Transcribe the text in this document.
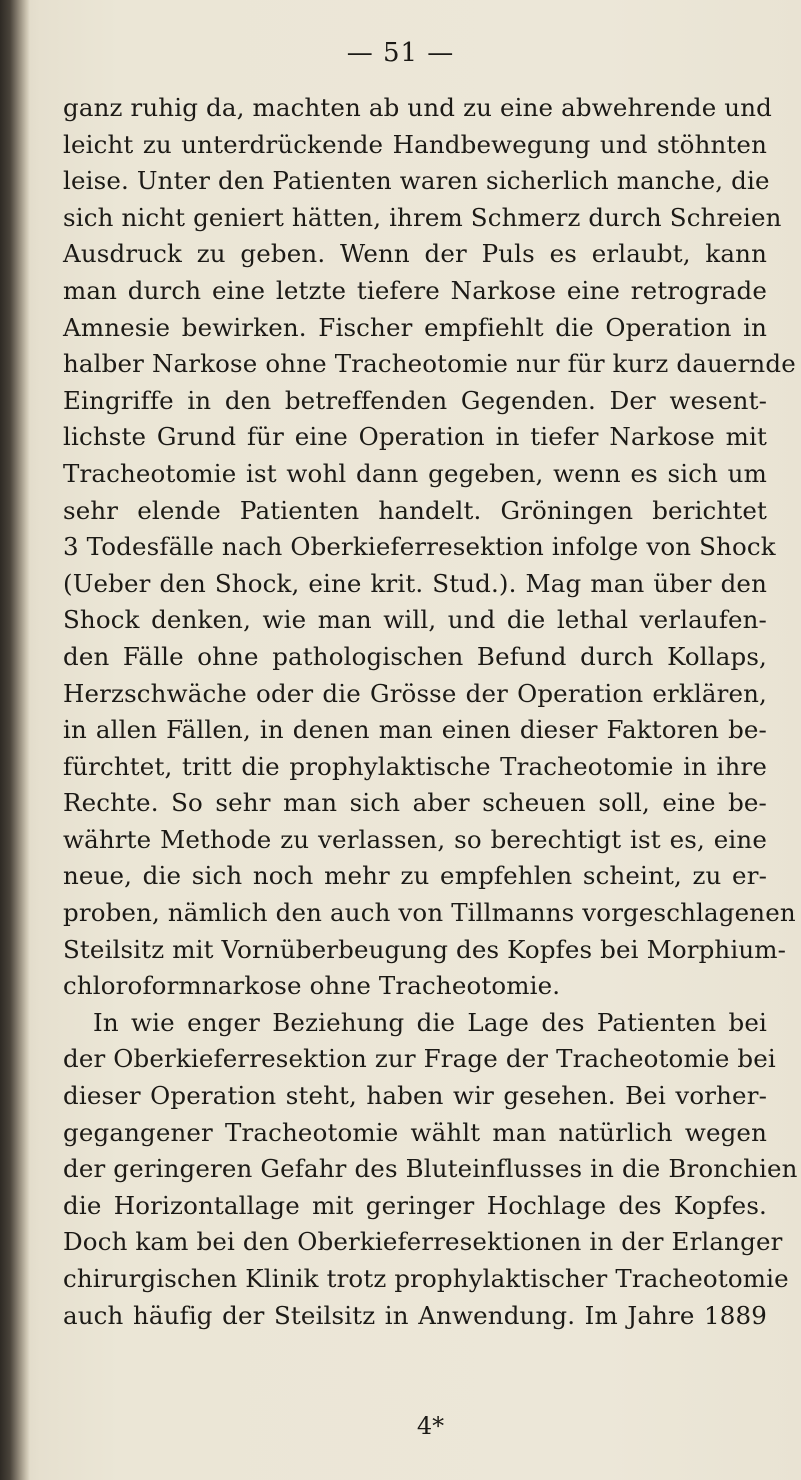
— 51 —
ganz ruhig da, machten ab und zu eine abwehrende und
leicht zu unterdrückende Handbewegung und stöhnten
leise. Unter den Patienten waren sicherlich manche, die
sich nicht geniert hätten, ihrem Schmerz durch Schreien
Ausdruck zu geben. Wenn der Puls es erlaubt, kann
man durch eine letzte tiefere Narkose eine retrograde
Amnesie bewirken. Fischer empfiehlt die Operation in
halber Narkose ohne Tracheotomie nur für kurz dauernde
Eingriffe in den betreffenden Gegenden. Der wesent-
lichste Grund für eine Operation in tiefer Narkose mit
Tracheotomie ist wohl dann gegeben, wenn es sich um
sehr elende Patienten handelt. Gröningen berichtet
3 Todesfälle nach Oberkieferresektion infolge von Shock
(Ueber den Shock, eine krit. Stud.). Mag man über den
Shock denken, wie man will, und die lethal verlaufen-
den Fälle ohne pathologischen Befund durch Kollaps,
Herzschwäche oder die Grösse der Operation erklären,
in allen Fällen, in denen man einen dieser Faktoren be-
fürchtet, tritt die prophylaktische Tracheotomie in ihre
Rechte. So sehr man sich aber scheuen soll, eine be-
währte Methode zu verlassen, so berechtigt ist es, eine
neue, die sich noch mehr zu empfehlen scheint, zu er-
proben, nämlich den auch von Tillmanns vorgeschlagenen
Steilsitz mit Vornüberbeugung des Kopfes bei Morphium-
chloroformnarkose ohne Tracheotomie.
In wie enger Beziehung die Lage des Patienten bei
der Oberkieferresektion zur Frage der Tracheotomie bei
dieser Operation steht, haben wir gesehen. Bei vorher-
gegangener Tracheotomie wählt man natürlich wegen
der geringeren Gefahr des Bluteinflusses in die Bronchien
die Horizontallage mit geringer Hochlage des Kopfes.
Doch kam bei den Oberkieferresektionen in der Erlanger
chirurgischen Klinik trotz prophylaktischer Tracheotomie
auch häufig der Steilsitz in Anwendung. Im Jahre 1889
4*
